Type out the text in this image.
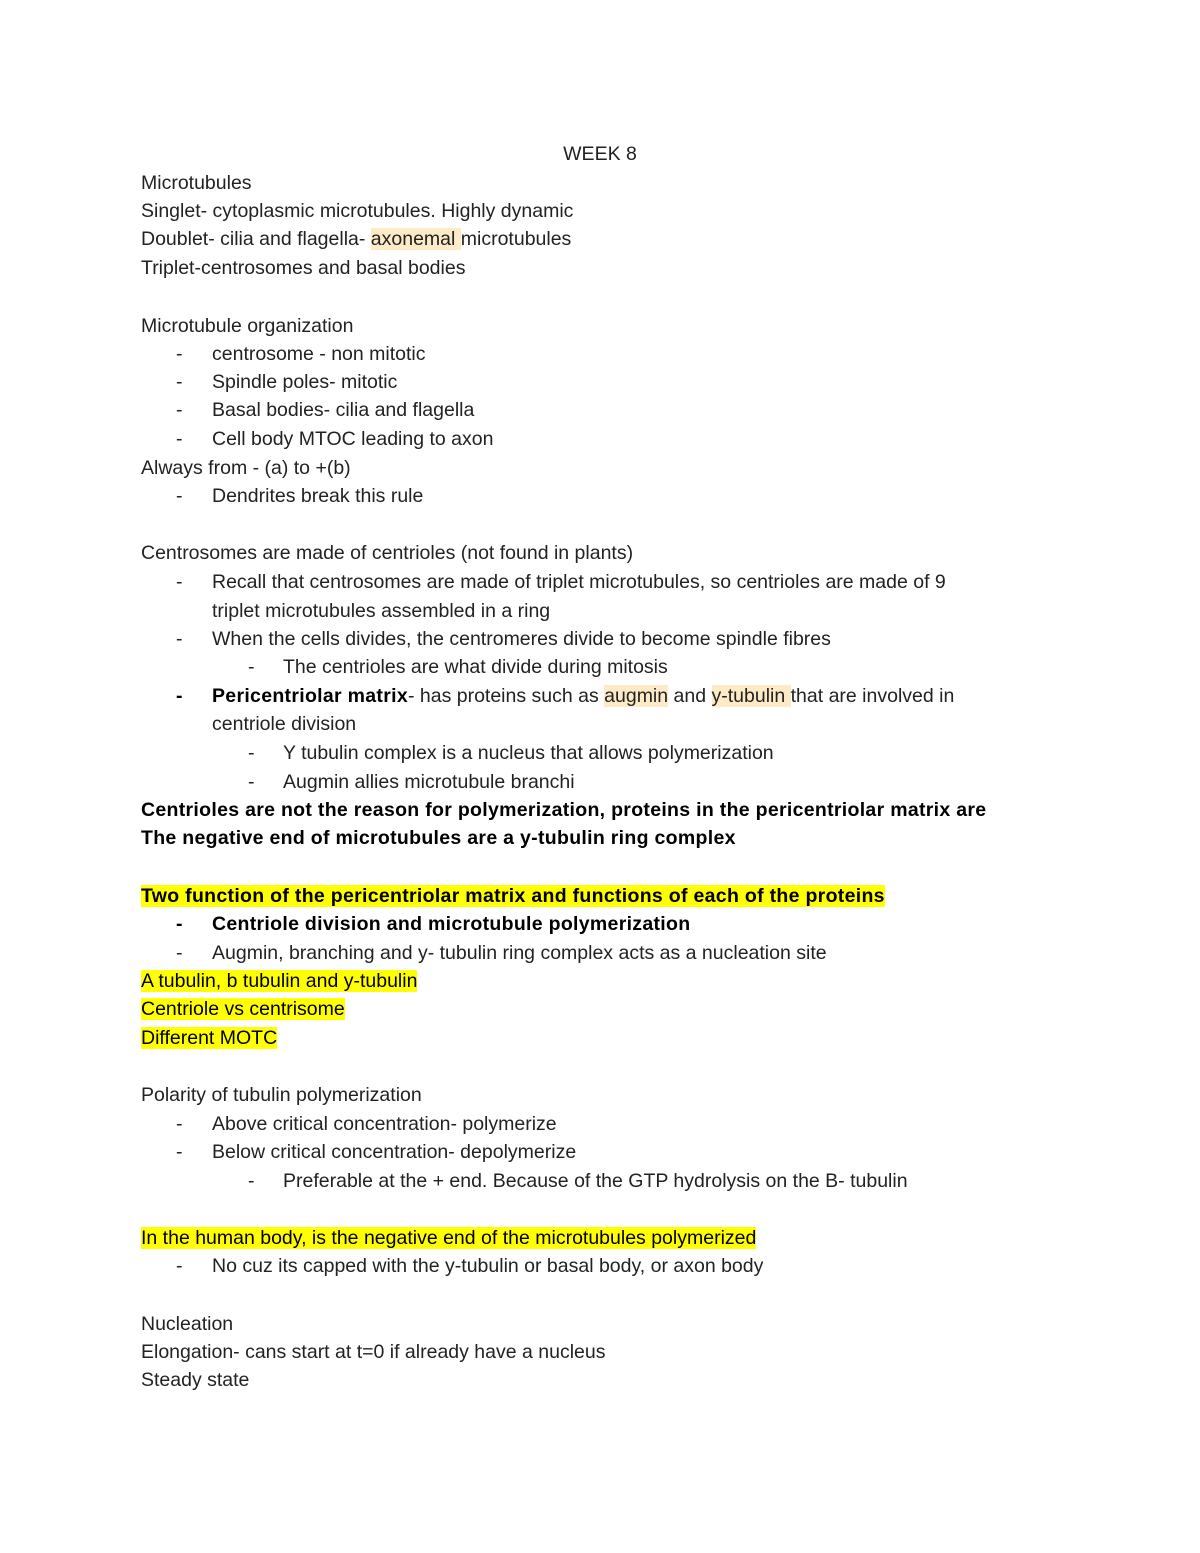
WEEK 8
Microtubules
Singlet- cytoplasmic microtubules. Highly dynamic
Doublet- cilia and flagella- axonemal microtubules
Triplet-centrosomes and basal bodies
Microtubule organization
- centrosome - non mitotic
- Spindle poles- mitotic
- Basal bodies- cilia and flagella
- Cell body MTOC leading to axon
Always from - (a) to +(b)
- Dendrites break this rule
Centrosomes are made of centrioles (not found in plants)
- Recall that centrosomes are made of triplet microtubules, so centrioles are made of 9
triplet microtubules assembled in a ring
- When the cells divides, the centromeres divide to become spindle fibres
- The centrioles are what divide during mitosis
- Pericentriolar matrix- has proteins such as augmin and y-tubulin that are involved in
centriole division
- Y tubulin complex is a nucleus that allows polymerization
- Augmin allies microtubule branchi
Centrioles are not the reason for polymerization, proteins in the pericentriolar matrix are
The negative end of microtubules are a y-tubulin ring complex
Two function of the pericentriolar matrix and functions of each of the proteins
- Centriole division and microtubule polymerization
- Augmin, branching and y- tubulin ring complex acts as a nucleation site
A tubulin, b tubulin and y-tubulin
Centriole vs centrisome
Different MOTC
Polarity of tubulin polymerization
- Above critical concentration- polymerize
- Below critical concentration- depolymerize
- Preferable at the + end. Because of the GTP hydrolysis on the B- tubulin
In the human body, is the negative end of the microtubules polymerized
- No cuz its capped with the y-tubulin or basal body, or axon body
Nucleation
Elongation- cans start at t=0 if already have a nucleus
Steady state
